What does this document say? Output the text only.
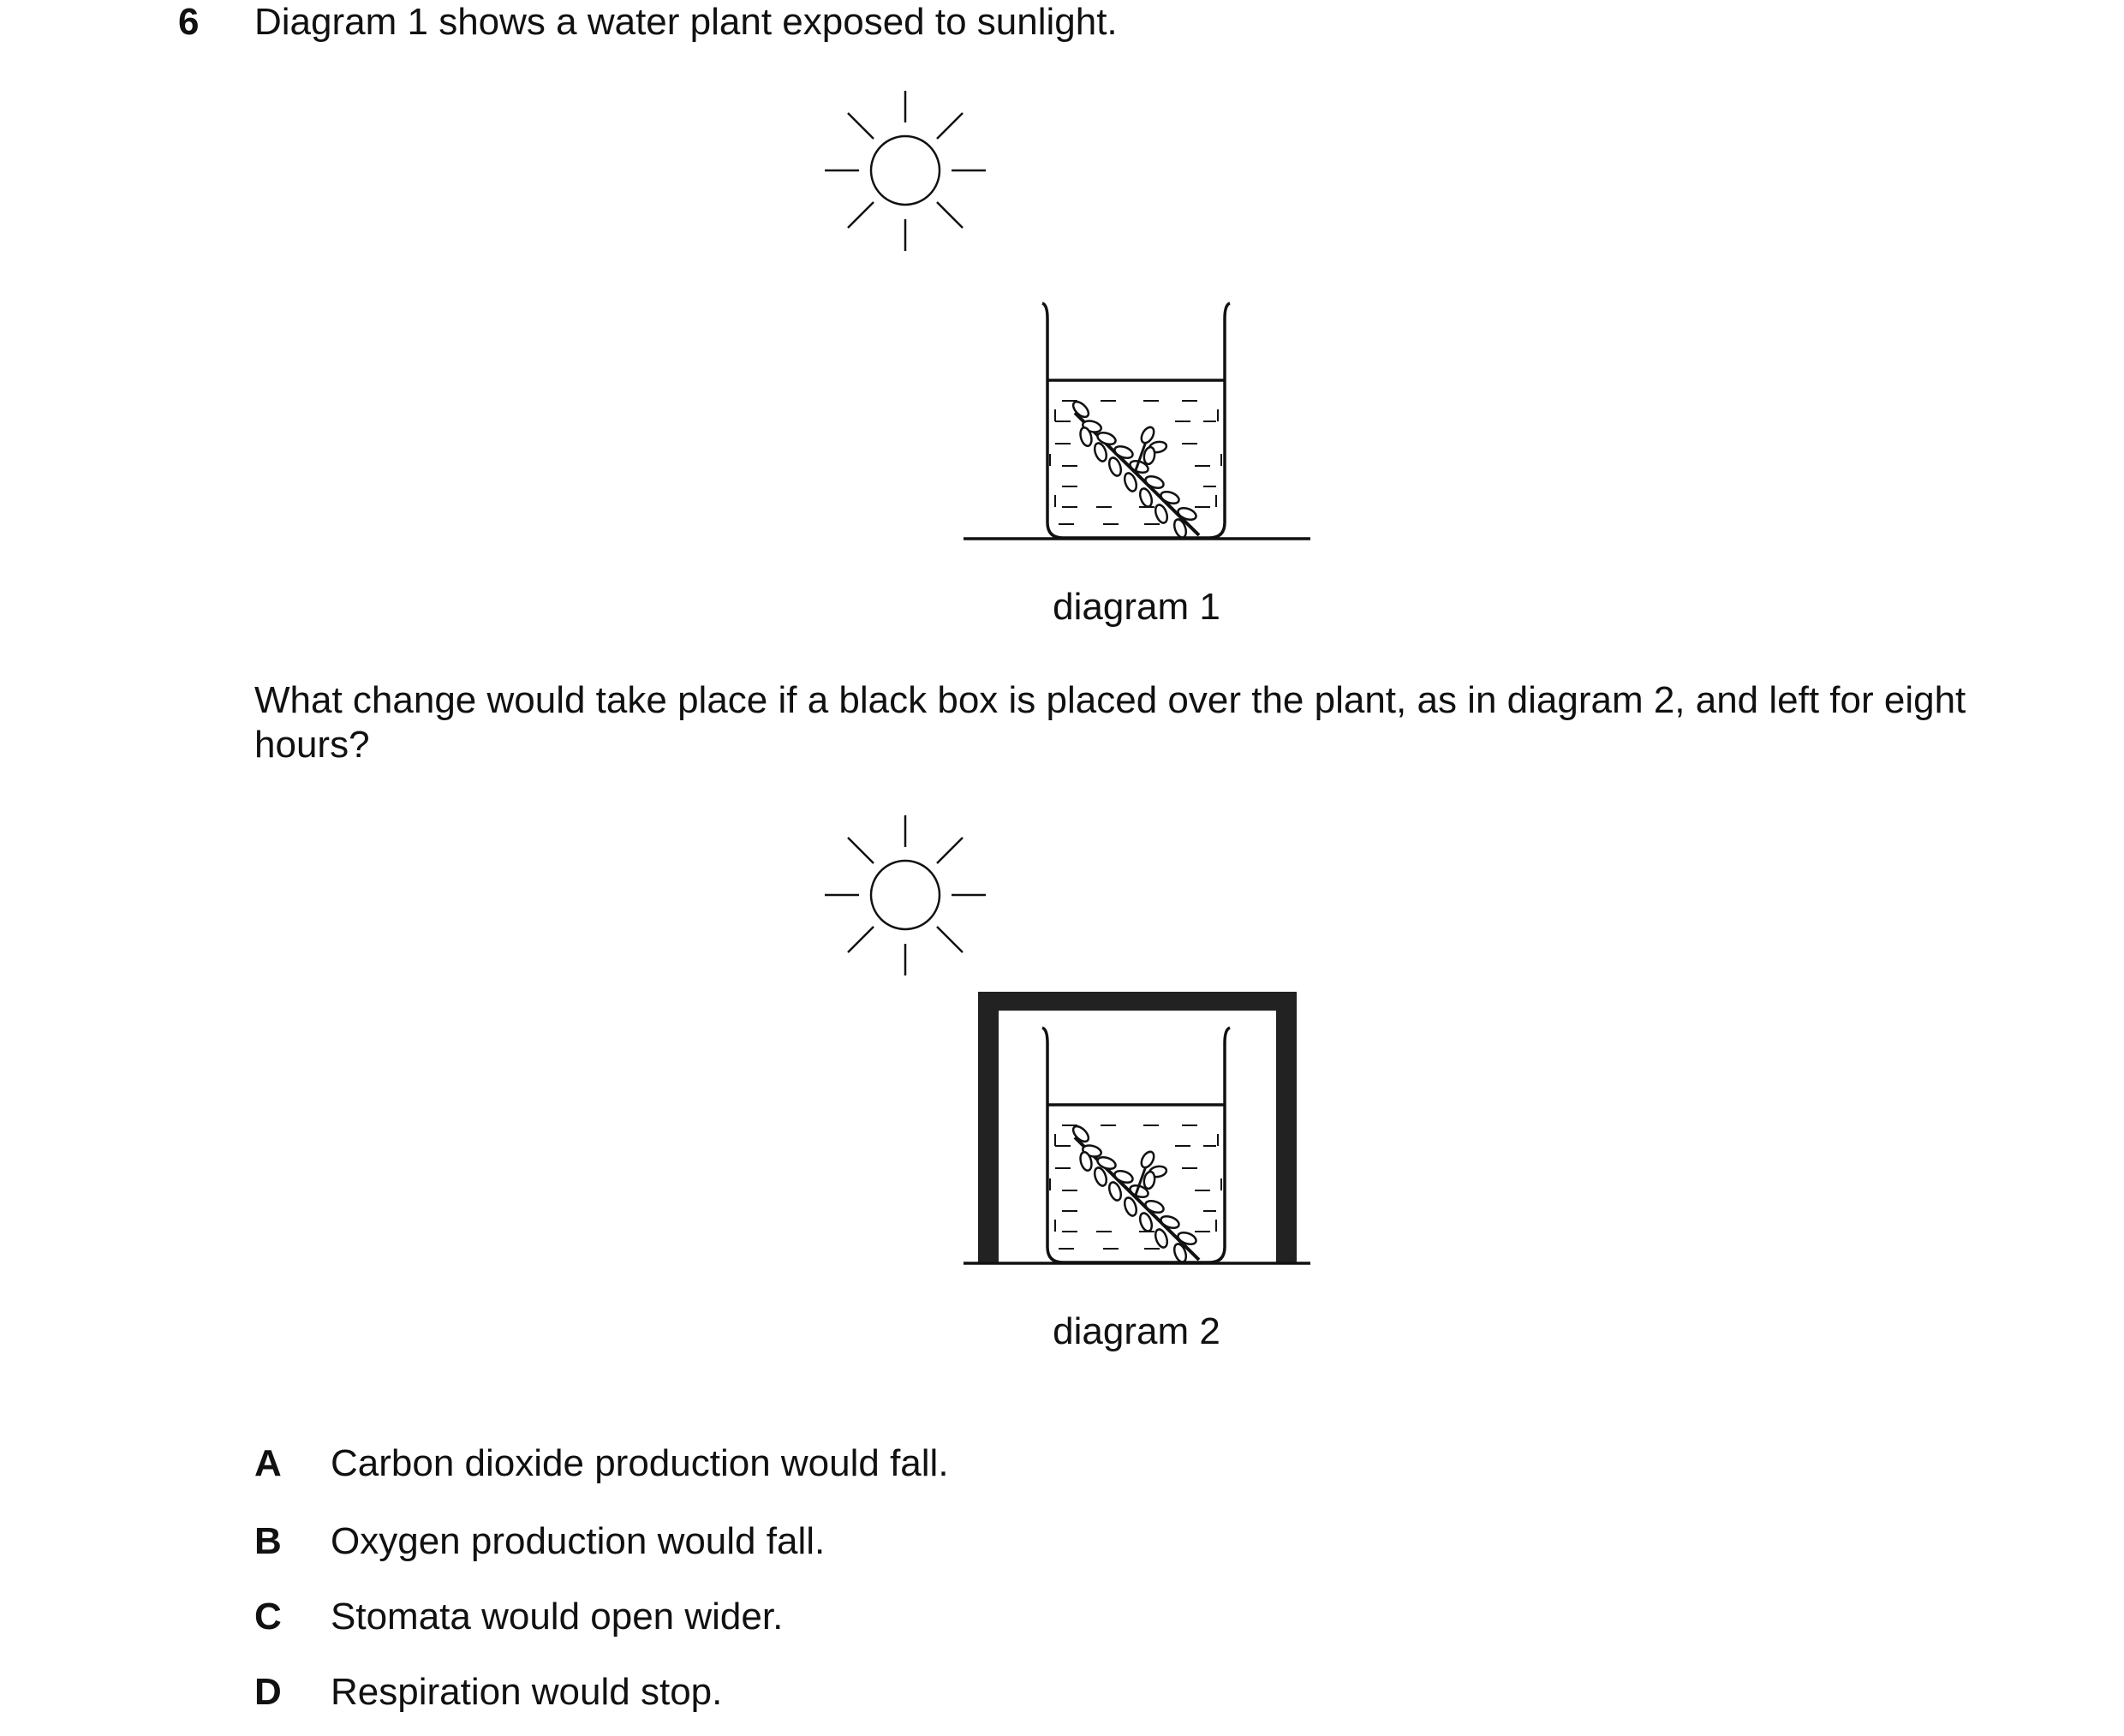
6 Diagram 1 shows a water plant exposed to sunlight.
diagram 1
What change would take place if a black box is placed over the plant, as in diagram 2, and left for eight hours?
diagram 2
A Carbon dioxide production would fall.
B Oxygen production would fall.
C Stomata would open wider.
D Respiration would stop.
